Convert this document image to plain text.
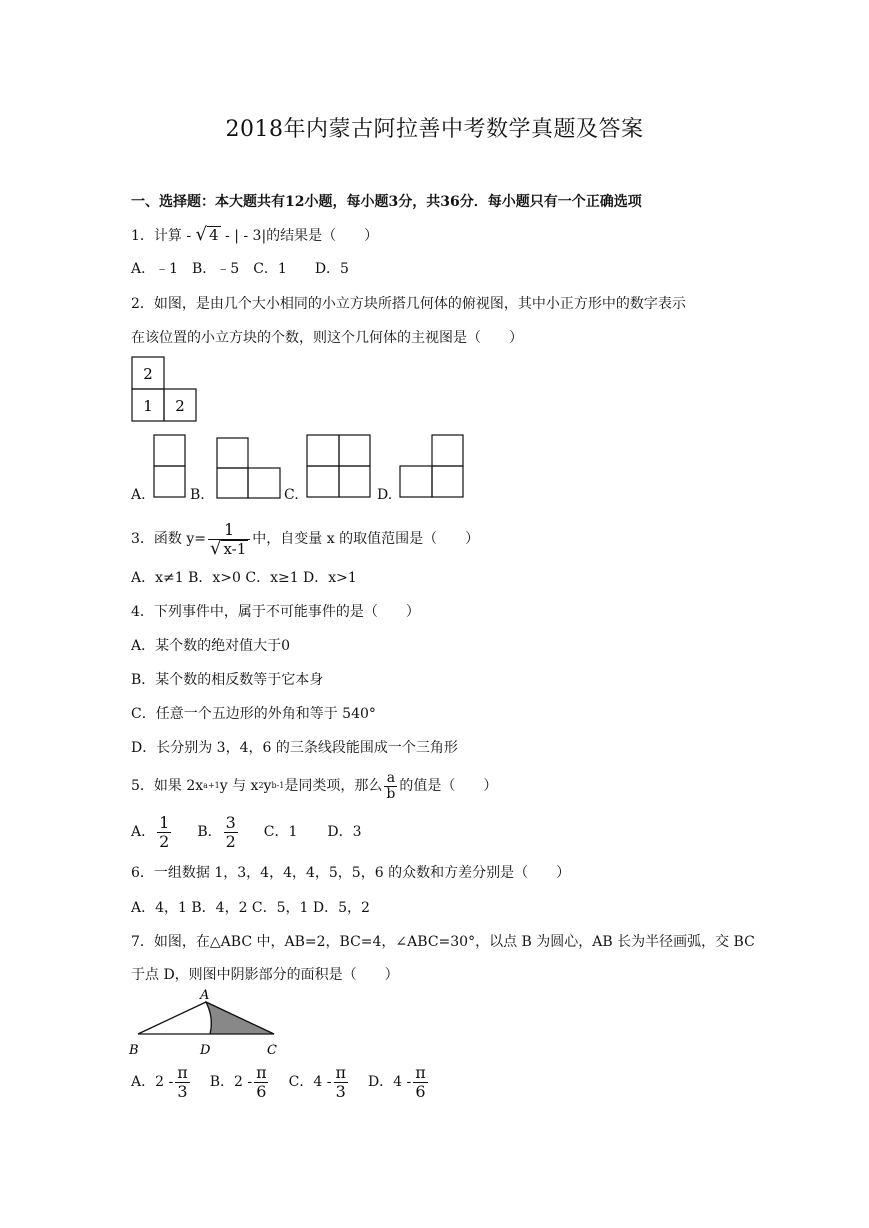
2018年内蒙古阿拉善中考数学真题及答案
一、选择题：本大题共有12小题，每小题3分，共36分．每小题只有一个正确选项
1．计算 - √ 4 - | - 3|的结果是（　　）
A．﹣1　B．﹣5　C．1　　D．5
2．如图，是由几个大小相同的小立方块所搭几何体的俯视图，其中小正方形中的数字表示
在该位置的小立方块的个数，则这个几何体的主视图是（　　）
2
1 2
A.	B.	C.	D.
3．函数 $y= \frac{1}{√ x-1}$ 中，自变量 x 的取值范围是（　　）
A．x≠1 B．x>0 C．x≥1 D．x>1
4．下列事件中，属于不可能事件的是（　　）
A．某个数的绝对值大于0
B．某个数的相反数等于它本身
C．任意一个五边形的外角和等于 540°
D．长分别为 3，4，6 的三条线段能围成一个三角形
5．如果 2x a+1 y 与 x 2 y b-1 是同类项，那么 $\frac{a}{b}$ 的值是（　　）
A． $\frac{1}{2}$ B． $\frac{3}{2}$ C．1 D．3
6．一组数据 1，3，4，4，4，5，5，6 的众数和方差分别是（　　）
A．4，1 B．4，2 C．5，1 D．5，2
7．如图，在△ABC 中，AB=2，BC=4，∠ABC=30°，以点 B 为圆心，AB 长为半径画弧，交 BC
于点 D，则图中阴影部分的面积是（　　）
A
B	D	C
A．$2 - \frac{\pi}{3}$ B．$2 - \frac{\pi}{6}$ C．$4 - \frac{\pi}{3}$ D．$4 - \frac{\pi}{6}$
